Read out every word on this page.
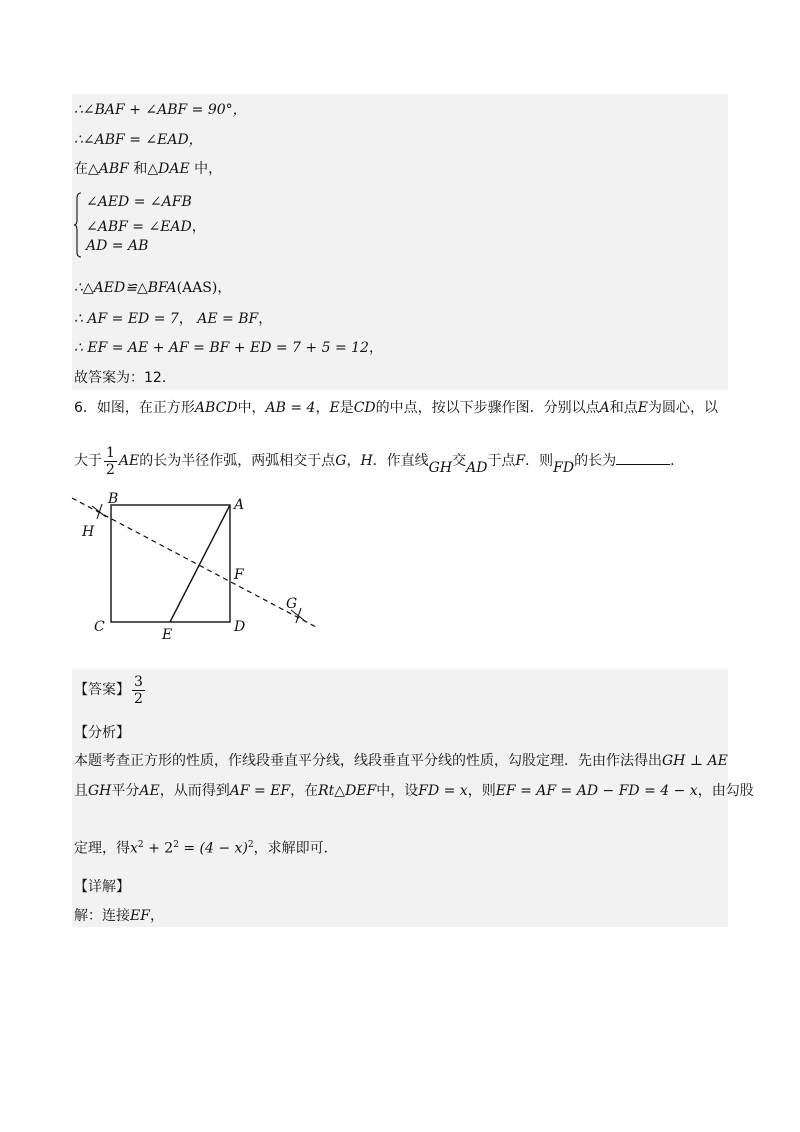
∴∠BAF + ∠ABF = 90°，
∴∠ABF = ∠EAD，
在△ABF 和△DAE 中，
∠AED = ∠AFB
∠ABF = ∠EAD，
AD = AB
∴△AED≌△BFA(AAS)，
∴ AF = ED = 7， AE = BF，
∴ EF = AE + AF = BF + ED = 7 + 5 = 12，
故答案为：12.
6．如图，在正方形ABCD中，AB = 4，E是CD的中点，按以下步骤作图．分别以点A和点E为圆心，以
大于 $\frac{1}{2}$ AE的长为半径作弧，两弧相交于点G，H．作直线GH交AD于点F．则FD的长为	．
B	A
H
F
G
C	E	D
【答案】 $\frac{3}{2}$
【分析】
本题考查正方形的性质，作线段垂直平分线，线段垂直平分线的性质，勾股定理．先由作法得出GH ⊥ AE
且GH平分AE，从而得到AF = EF，在Rt△DEF中，设FD = x，则EF = AF = AD − FD = 4 − x，由勾股
定理，得$x^2 + 2^2 = (4 - x)^2$，求解即可．
【详解】
解：连接EF，
